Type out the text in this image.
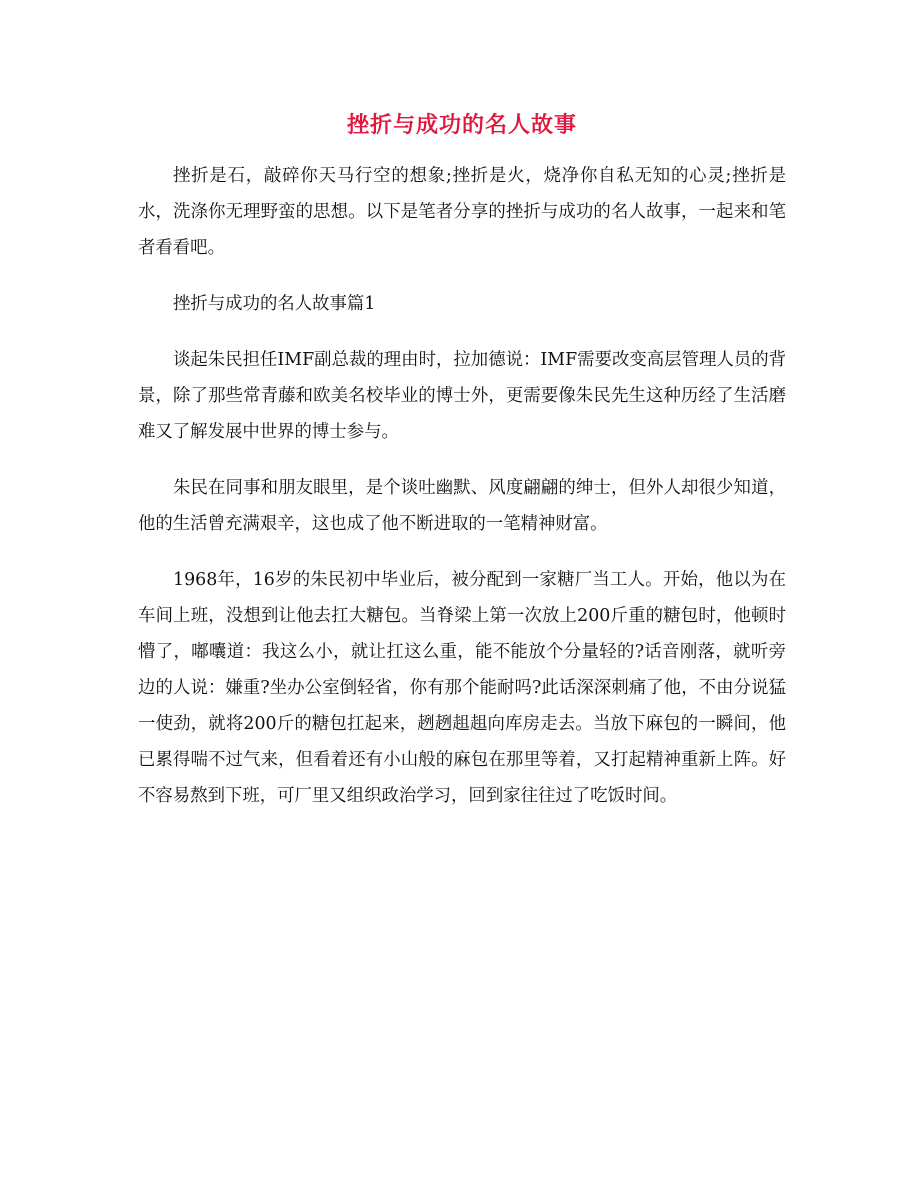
挫折与成功的名人故事

挫折是石，敲碎你天马行空的想象;挫折是火，烧净你自私无知的心灵;挫折是水，洗涤你无理野蛮的思想。以下是笔者分享的挫折与成功的名人故事，一起来和笔者看看吧。

挫折与成功的名人故事篇1

谈起朱民担任IMF副总裁的理由时，拉加德说：IMF需要改变高层管理人员的背景，除了那些常青藤和欧美名校毕业的博士外，更需要像朱民先生这种历经了生活磨难又了解发展中世界的博士参与。

朱民在同事和朋友眼里，是个谈吐幽默、风度翩翩的绅士，但外人却很少知道，他的生活曾充满艰辛，这也成了他不断进取的一笔精神财富。

1968年，16岁的朱民初中毕业后，被分配到一家糖厂当工人。开始，他以为在车间上班，没想到让他去扛大糖包。当脊梁上第一次放上200斤重的糖包时，他顿时懵了，嘟囔道：我这么小，就让扛这么重，能不能放个分量轻的?话音刚落，就听旁边的人说：嫌重?坐办公室倒轻省，你有那个能耐吗?此话深深刺痛了他，不由分说猛一使劲，就将200斤的糖包扛起来，趔趔趄趄向库房走去。当放下麻包的一瞬间，他已累得喘不过气来，但看着还有小山般的麻包在那里等着，又打起精神重新上阵。好不容易熬到下班，可厂里又组织政治学习，回到家往往过了吃饭时间。
